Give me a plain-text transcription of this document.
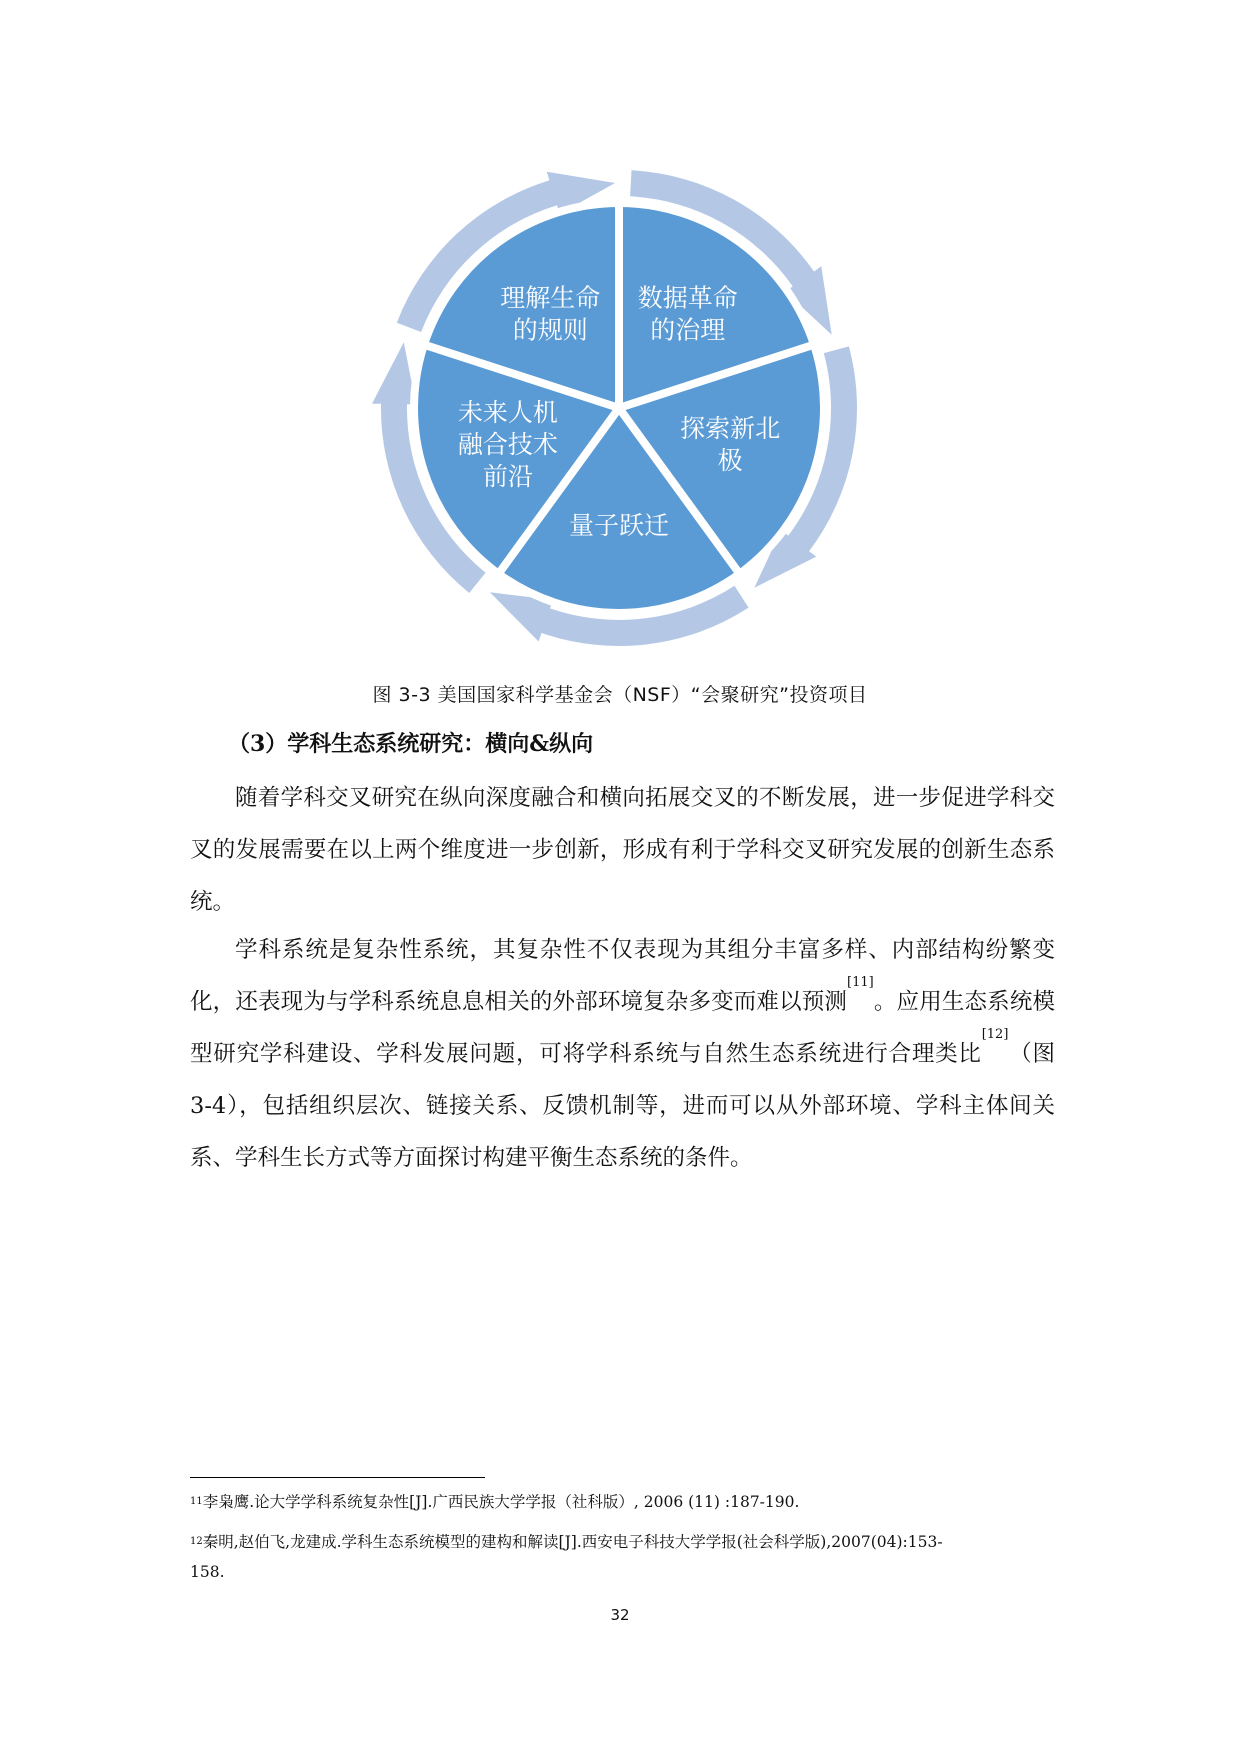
理解生命
的规则
数据革命
的治理
探索新北
极
量子跃迁
未来人机
融合技术
前沿
图 3-3 美国国家科学基金会（NSF）“会聚研究”投资项目
（3）学科生态系统研究：横向&纵向

随着学科交叉研究在纵向深度融合和横向拓展交叉的不断发展，进一步促进学科交叉的发展需要在以上两个维度进一步创新，形成有利于学科交叉研究发展的创新生态系统。

学科系统是复杂性系统，其复杂性不仅表现为其组分丰富多样、内部结构纷繁变化，还表现为与学科系统息息相关的外部环境复杂多变而难以预测[11]。应用生态系统模型研究学科建设、学科发展问题，可将学科系统与自然生态系统进行合理类比[12]（图 3-4），包括组织层次、链接关系、反馈机制等，进而可以从外部环境、学科主体间关系、学科生长方式等方面探讨构建平衡生态系统的条件。

$^{11}$李枭鹰.论大学学科系统复杂性[J].广西民族大学学报（社科版）, 2006 (11) :187-190.

$^{12}$秦明,赵伯飞,龙建成.学科生态系统模型的建构和解读[J].西安电子科技大学学报(社会科学版),2007(04):153-158.

32
